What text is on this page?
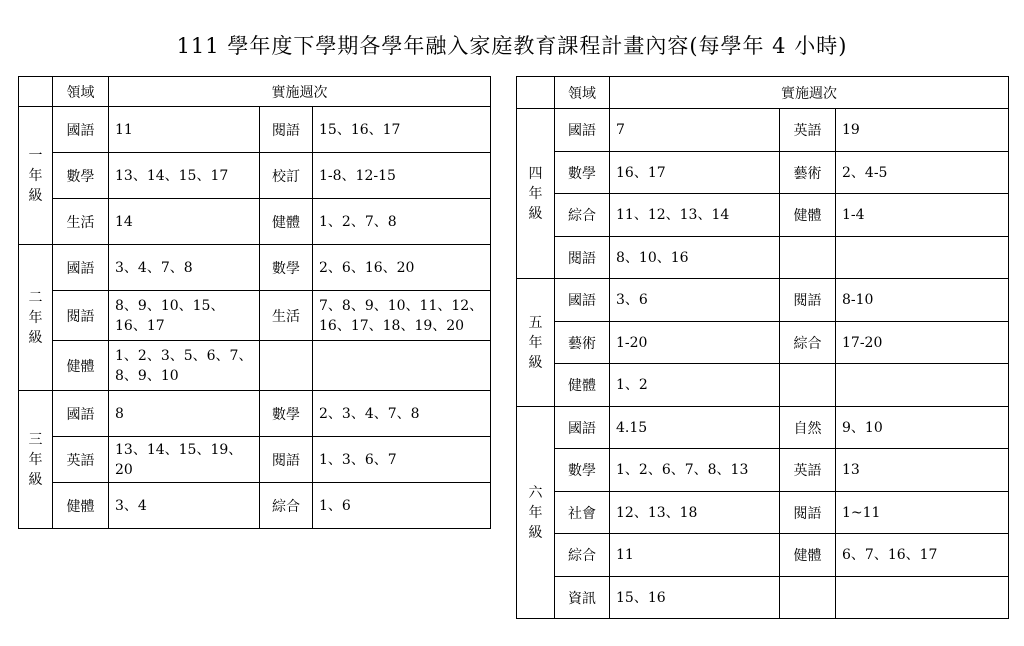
111 學年度下學期各學年融入家庭教育課程計畫內容(每學年 4 小時)
	領域	實施週次		
一年級	國語	11	閱語	15、16、17
	數學	13、14、15、17	校訂	1-8、12-15
	生活	14	健體	1、2、7、8
二年級	國語	3、4、7、8	數學	2、6、16、20
	閱語	8、9、10、15、16、17	生活	7、8、9、10、11、12、16、17、18、19、20
	健體	1、2、3、5、6、7、8、9、10		
三年級	國語	8	數學	2、3、4、7、8
	英語	13、14、15、19、20	閱語	1、3、6、7
	健體	3、4	綜合	1、6
	領域	實施週次		
四年級	國語	7	英語	19
	數學	16、17	藝術	2、4-5
	綜合	11、12、13、14	健體	1-4
	閱語	8、10、16		
五年級	國語	3、6	閱語	8-10
	藝術	1-20	綜合	17-20
	健體	1、2		
六年級	國語	4.15	自然	9、10
	數學	1、2、6、7、8、13	英語	13
	社會	12、13、18	閱語	1~11
	綜合	11	健體	6、7、16、17
	資訊	15、16		
